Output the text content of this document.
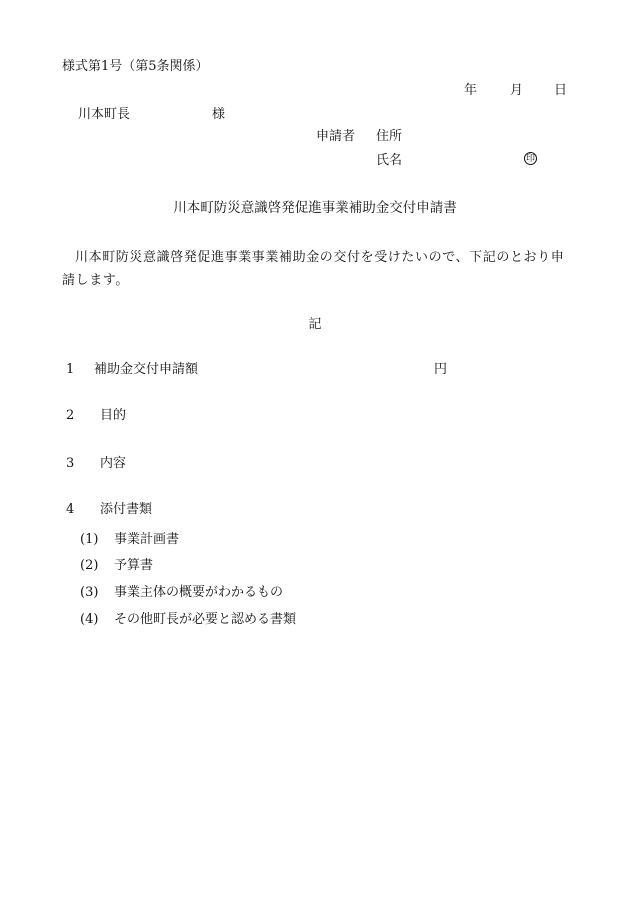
様式第1号（第5条関係）
年	月 日
川本町長	様
申請者 住所
氏名	印
川本町防災意識啓発促進事業補助金交付申請書
川本町防災意識啓発促進事業事業補助金の交付を受けたいので、下記のとおり申請します。
記
1 補助金交付申請額	円
2 目的
3 内容
4 添付書類
(1) 事業計画書
(2) 予算書
(3) 事業主体の概要がわかるもの
(4) その他町長が必要と認める書類
